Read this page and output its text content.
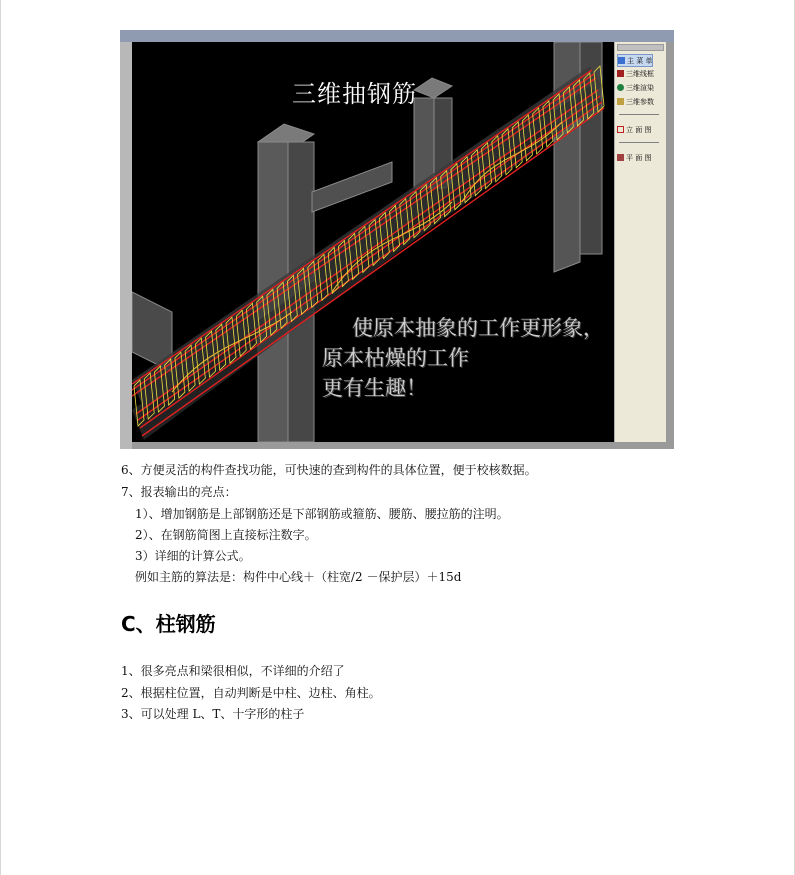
三维抽钢筋
使原本抽象的工作更形象，
原本枯燥的工作
更有生趣！
主 菜 单
三维线框
三维渲染
三维参数
立 面 图
平 面 图
6、方便灵活的构件查找功能，可快速的查到构件的具体位置，便于校核数据。
7、报表输出的亮点：
1）、增加钢筋是上部钢筋还是下部钢筋或箍筋、腰筋、腰拉筋的注明。
2）、在钢筋简图上直接标注数字。
3）详细的计算公式。
例如主筋的算法是：构件中心线＋（柱宽/2 －保护层）＋15d
C、柱钢筋
1、很多亮点和梁很相似，不详细的介绍了
2、根据柱位置，自动判断是中柱、边柱、角柱。
3、可以处理 L、T、十字形的柱子
